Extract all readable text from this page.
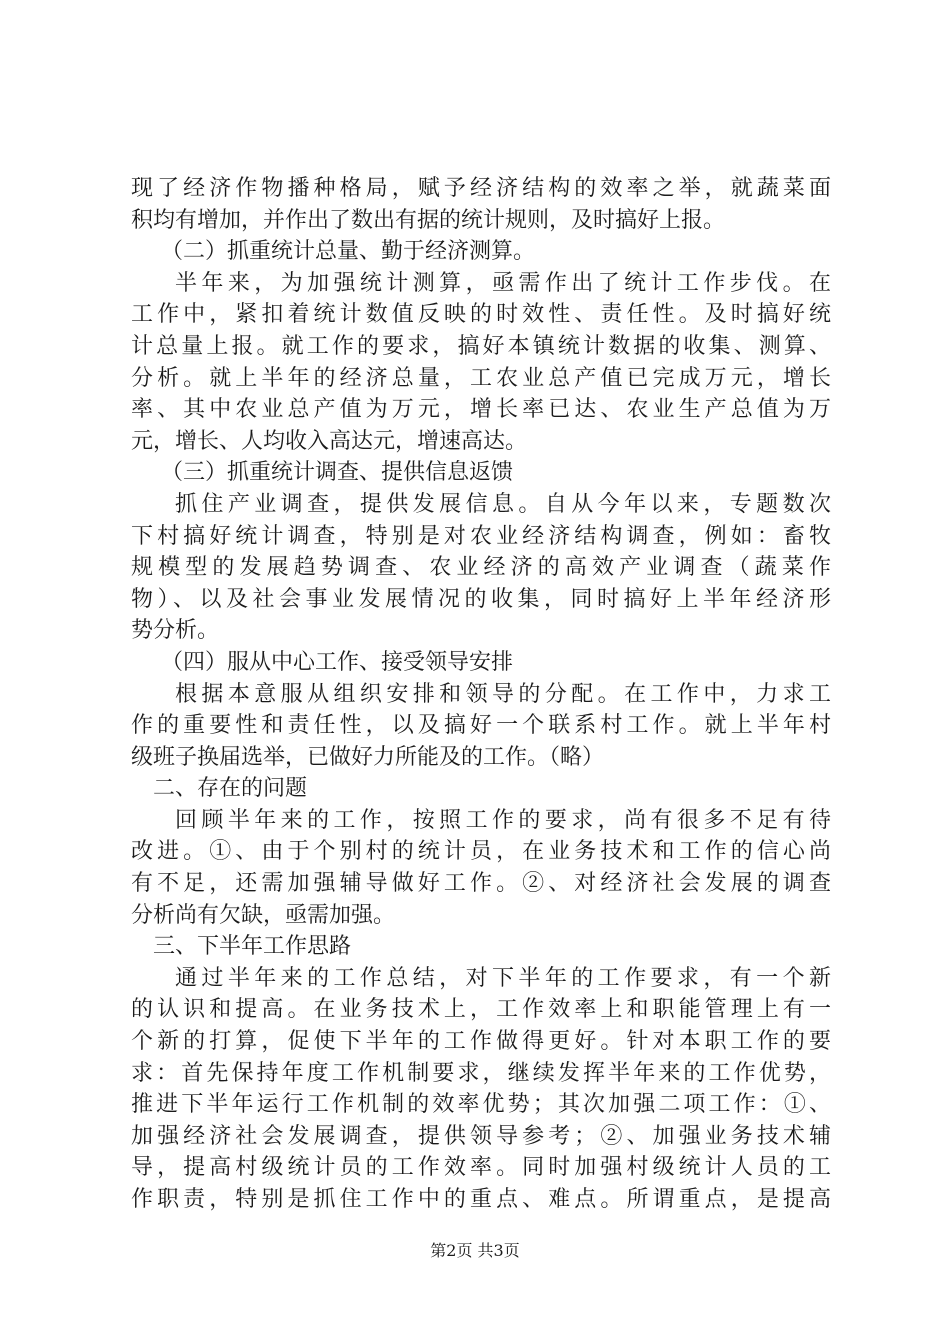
现了经济作物播种格局，赋予经济结构的效率之举，就蔬菜面
积均有增加，并作出了数出有据的统计规则，及时搞好上报。
（二）抓重统计总量、勤于经济测算。
半年来，为加强统计测算，亟需作出了统计工作步伐。在
工作中，紧扣着统计数值反映的时效性、责任性。及时搞好统
计总量上报。就工作的要求，搞好本镇统计数据的收集、测算、
分析。就上半年的经济总量，工农业总产值已完成万元，增长
率、其中农业总产值为万元，增长率已达、农业生产总值为万
元，增长、人均收入高达元，增速高达。
（三）抓重统计调查、提供信息返馈
抓住产业调查，提供发展信息。自从今年以来，专题数次
下村搞好统计调查，特别是对农业经济结构调查，例如：畜牧
规模型的发展趋势调查、农业经济的高效产业调查（蔬菜作
物）、以及社会事业发展情况的收集，同时搞好上半年经济形
势分析。
（四）服从中心工作、接受领导安排
根据本意服从组织安排和领导的分配。在工作中，力求工
作的重要性和责任性，以及搞好一个联系村工作。就上半年村
级班子换届选举，已做好力所能及的工作。（略）
二、存在的问题
回顾半年来的工作，按照工作的要求，尚有很多不足有待
改进。①、由于个别村的统计员，在业务技术和工作的信心尚
有不足，还需加强辅导做好工作。②、对经济社会发展的调查
分析尚有欠缺，亟需加强。
三、下半年工作思路
通过半年来的工作总结，对下半年的工作要求，有一个新
的认识和提高。在业务技术上，工作效率上和职能管理上有一
个新的打算，促使下半年的工作做得更好。针对本职工作的要
求：首先保持年度工作机制要求，继续发挥半年来的工作优势，
推进下半年运行工作机制的效率优势；其次加强二项工作：①、
加强经济社会发展调查，提供领导参考；②、加强业务技术辅
导，提高村级统计员的工作效率。同时加强村级统计人员的工
作职责，特别是抓住工作中的重点、难点。所谓重点，是提高
第2页 共3页
